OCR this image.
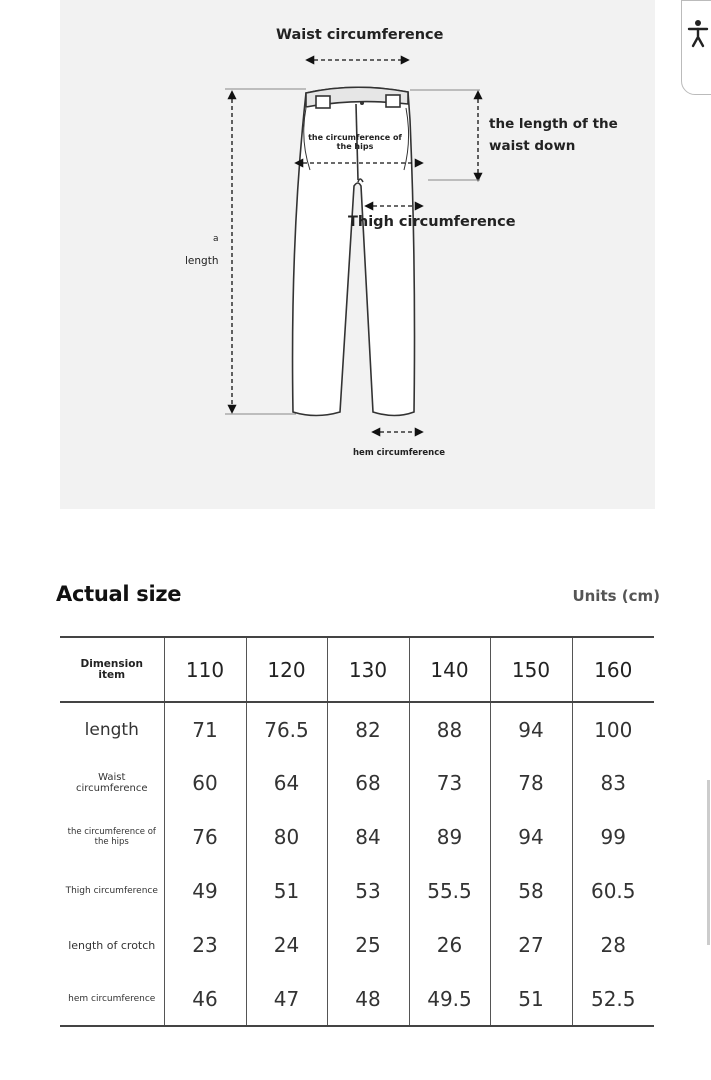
Waist circumference
the length of the waist down
the circumference of the hips
Thigh circumference
a
length
hem circumference
Actual size	Units (cm)
Dimension item	110	120	130	140	150	160
length	71	76.5	82	88	94	100
Waist circumference	60	64	68	73	78	83
the circumference of the hips	76	80	84	89	94	99
Thigh circumference	49	51	53	55.5	58	60.5
length of crotch	23	24	25	26	27	28
hem circumference	46	47	48	49.5	51	52.5
